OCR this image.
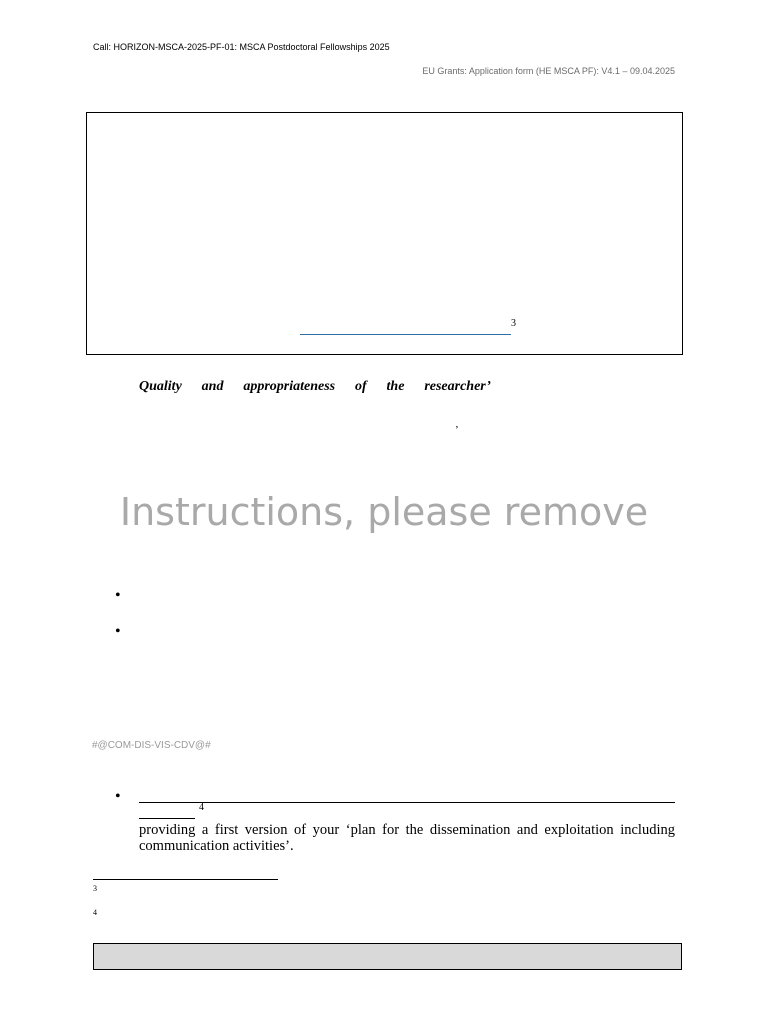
Call: HORIZON-MSCA-2025-PF-01: MSCA Postdoctoral Fellowships 2025
EU Grants: Application form (HE MSCA PF): V4.1 – 09.04.2025
3
Quality and appropriateness of the researcher’
’
Instructions, please remove
•
•
#@COM-DIS-VIS-CDV@#
•
4
providing a first version of your ‘plan for the dissemination and exploitation including communication activities’.
3
4
